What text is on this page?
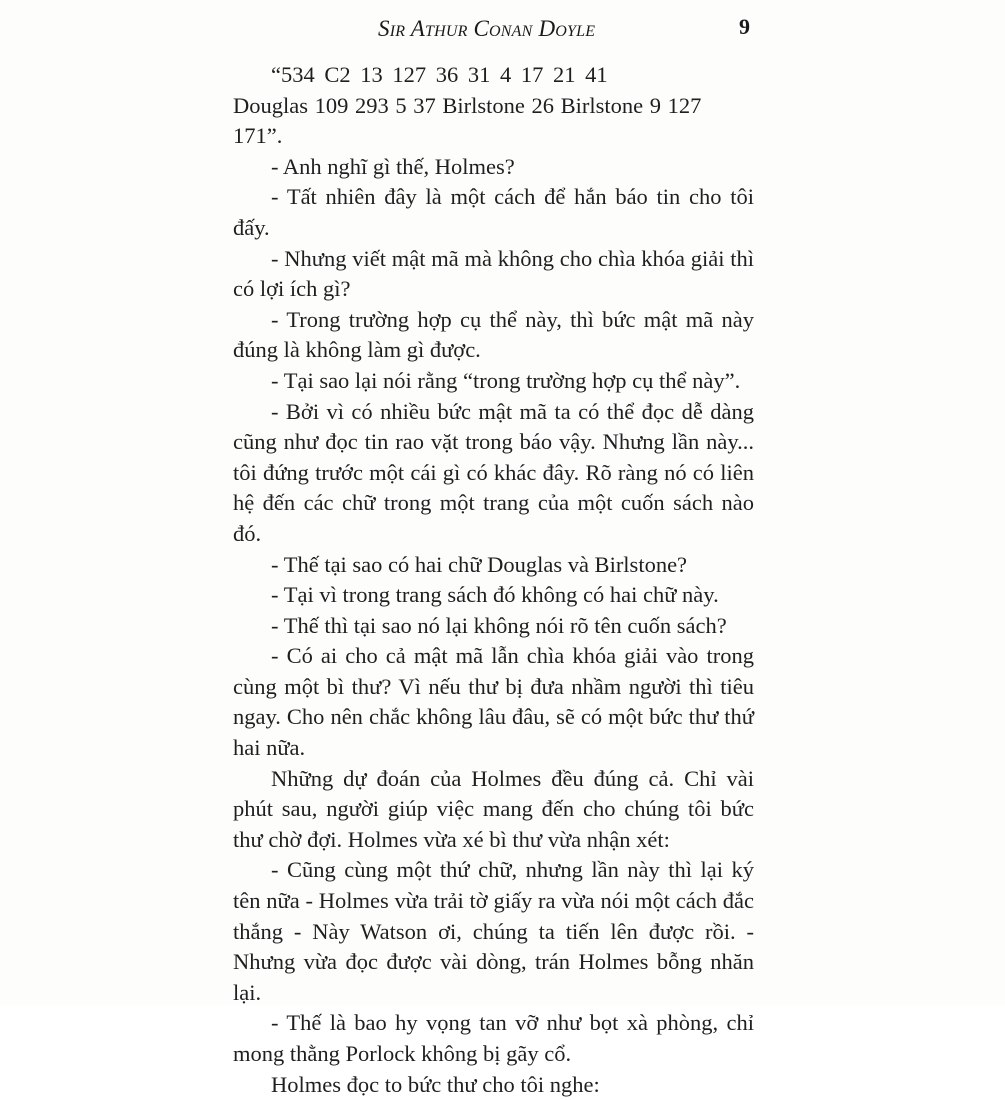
Sir Athur Conan Doyle	9

“534 C2 13 127 36 31 4 17 21 41

Douglas 109 293 5 37 Birlstone 26 Birlstone 9 127 171”.

- Anh nghĩ gì thế, Holmes?

- Tất nhiên đây là một cách để hắn báo tin cho tôi đấy.

- Nhưng viết mật mã mà không cho chìa khóa giải thì có lợi ích gì?

- Trong trường hợp cụ thể này, thì bức mật mã này đúng là không làm gì được.

- Tại sao lại nói rằng “trong trường hợp cụ thể này”.

- Bởi vì có nhiều bức mật mã ta có thể đọc dễ dàng cũng như đọc tin rao vặt trong báo vậy. Nhưng lần này... tôi đứng trước một cái gì có khác đây. Rõ ràng nó có liên hệ đến các chữ trong một trang của một cuốn sách nào đó.

- Thế tại sao có hai chữ Douglas và Birlstone?

- Tại vì trong trang sách đó không có hai chữ này.

- Thế thì tại sao nó lại không nói rõ tên cuốn sách?

- Có ai cho cả mật mã lẫn chìa khóa giải vào trong cùng một bì thư? Vì nếu thư bị đưa nhầm người thì tiêu ngay. Cho nên chắc không lâu đâu, sẽ có một bức thư thứ hai nữa.

Những dự đoán của Holmes đều đúng cả. Chỉ vài phút sau, người giúp việc mang đến cho chúng tôi bức thư chờ đợi. Holmes vừa xé bì thư vừa nhận xét:

- Cũng cùng một thứ chữ, nhưng lần này thì lại ký tên nữa - Holmes vừa trải tờ giấy ra vừa nói một cách đắc thắng - Này Watson ơi, chúng ta tiến lên được rồi. - Nhưng vừa đọc được vài dòng, trán Holmes bỗng nhăn lại.

- Thế là bao hy vọng tan vỡ như bọt xà phòng, chỉ mong thằng Porlock không bị gãy cổ.

Holmes đọc to bức thư cho tôi nghe:
